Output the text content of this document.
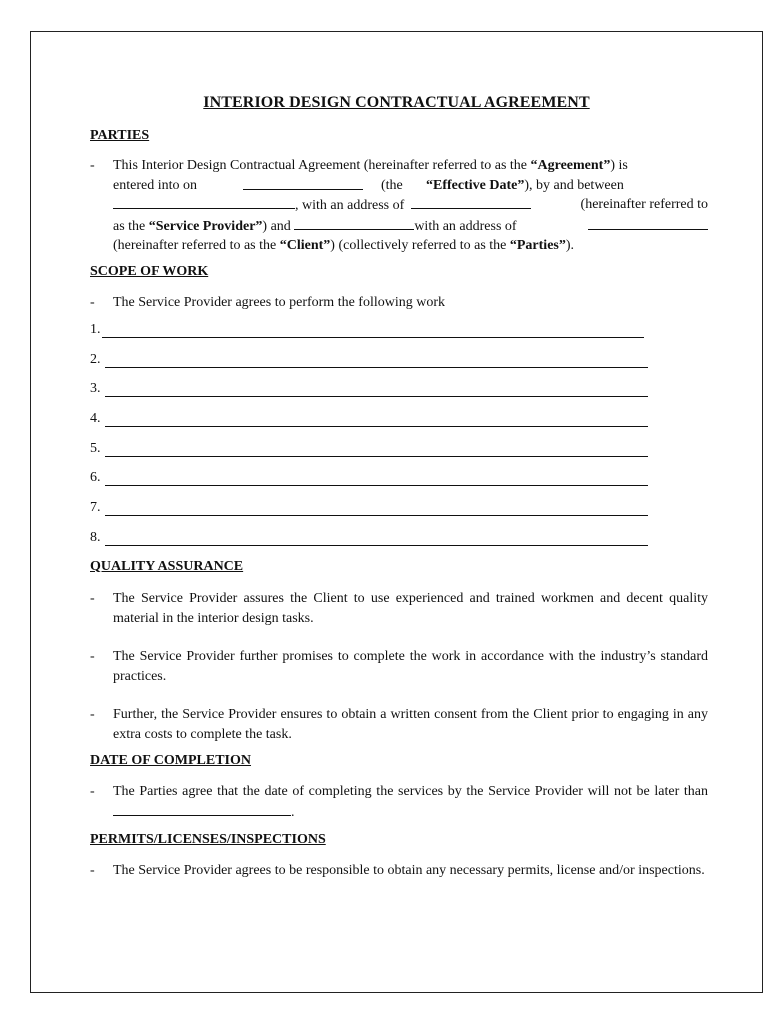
INTERIOR DESIGN CONTRACTUAL AGREEMENT
PARTIES
- This Interior Design Contractual Agreement (hereinafter referred to as the “Agreement”) is
entered into on	(the “Effective Date”), by and between
, with an address of	(hereinafter referred to
as the “Service Provider”) and	with an address of
(hereinafter referred to as the “Client”) (collectively referred to as the “Parties”).
SCOPE OF WORK
- The Service Provider agrees to perform the following work
1.
2.
3.
4.
5.
6.
7.
8.
QUALITY ASSURANCE
- The Service Provider assures the Client to use experienced and trained workmen and decent quality material in the interior design tasks.
- The Service Provider further promises to complete the work in accordance with the industry’s standard practices.
- Further, the Service Provider ensures to obtain a written consent from the Client prior to engaging in any extra costs to complete the task.
DATE OF COMPLETION
- The Parties agree that the date of completing the services by the Service Provider will not be later than .
PERMITS/LICENSES/INSPECTIONS
- The Service Provider agrees to be responsible to obtain any necessary permits, license and/or inspections.
